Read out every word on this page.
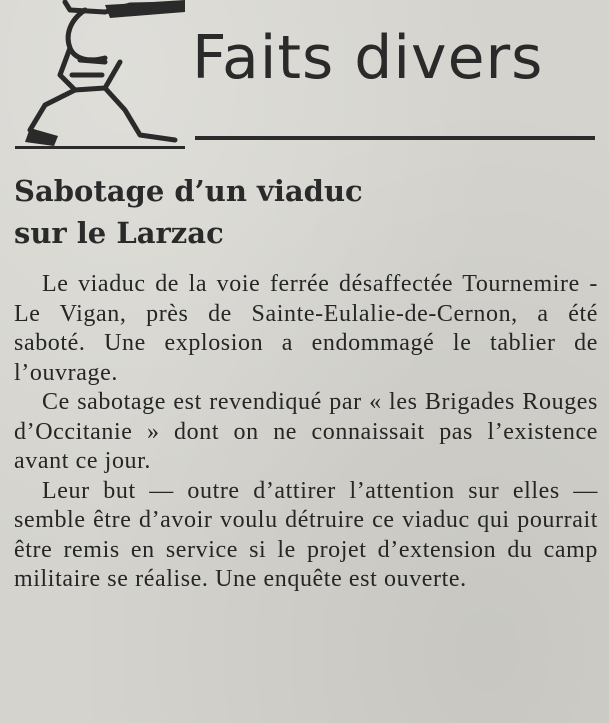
Faits divers
Sabotage d’un viaduc
sur le Larzac

Le viaduc de la voie ferrée désaffectée Tournemire - Le Vigan, près de Sainte-Eulalie-de-Cernon, a été saboté. Une explosion a endommagé le tablier de l’ouvrage.

Ce sabotage est revendiqué par « les Brigades Rouges d’Occitanie » dont on ne connaissait pas l’existence avant ce jour.

Leur but — outre d’attirer l’attention sur elles — semble être d’avoir voulu détruire ce viaduc qui pourrait être remis en service si le projet d’extension du camp militaire se réalise. Une enquête est ouverte.
